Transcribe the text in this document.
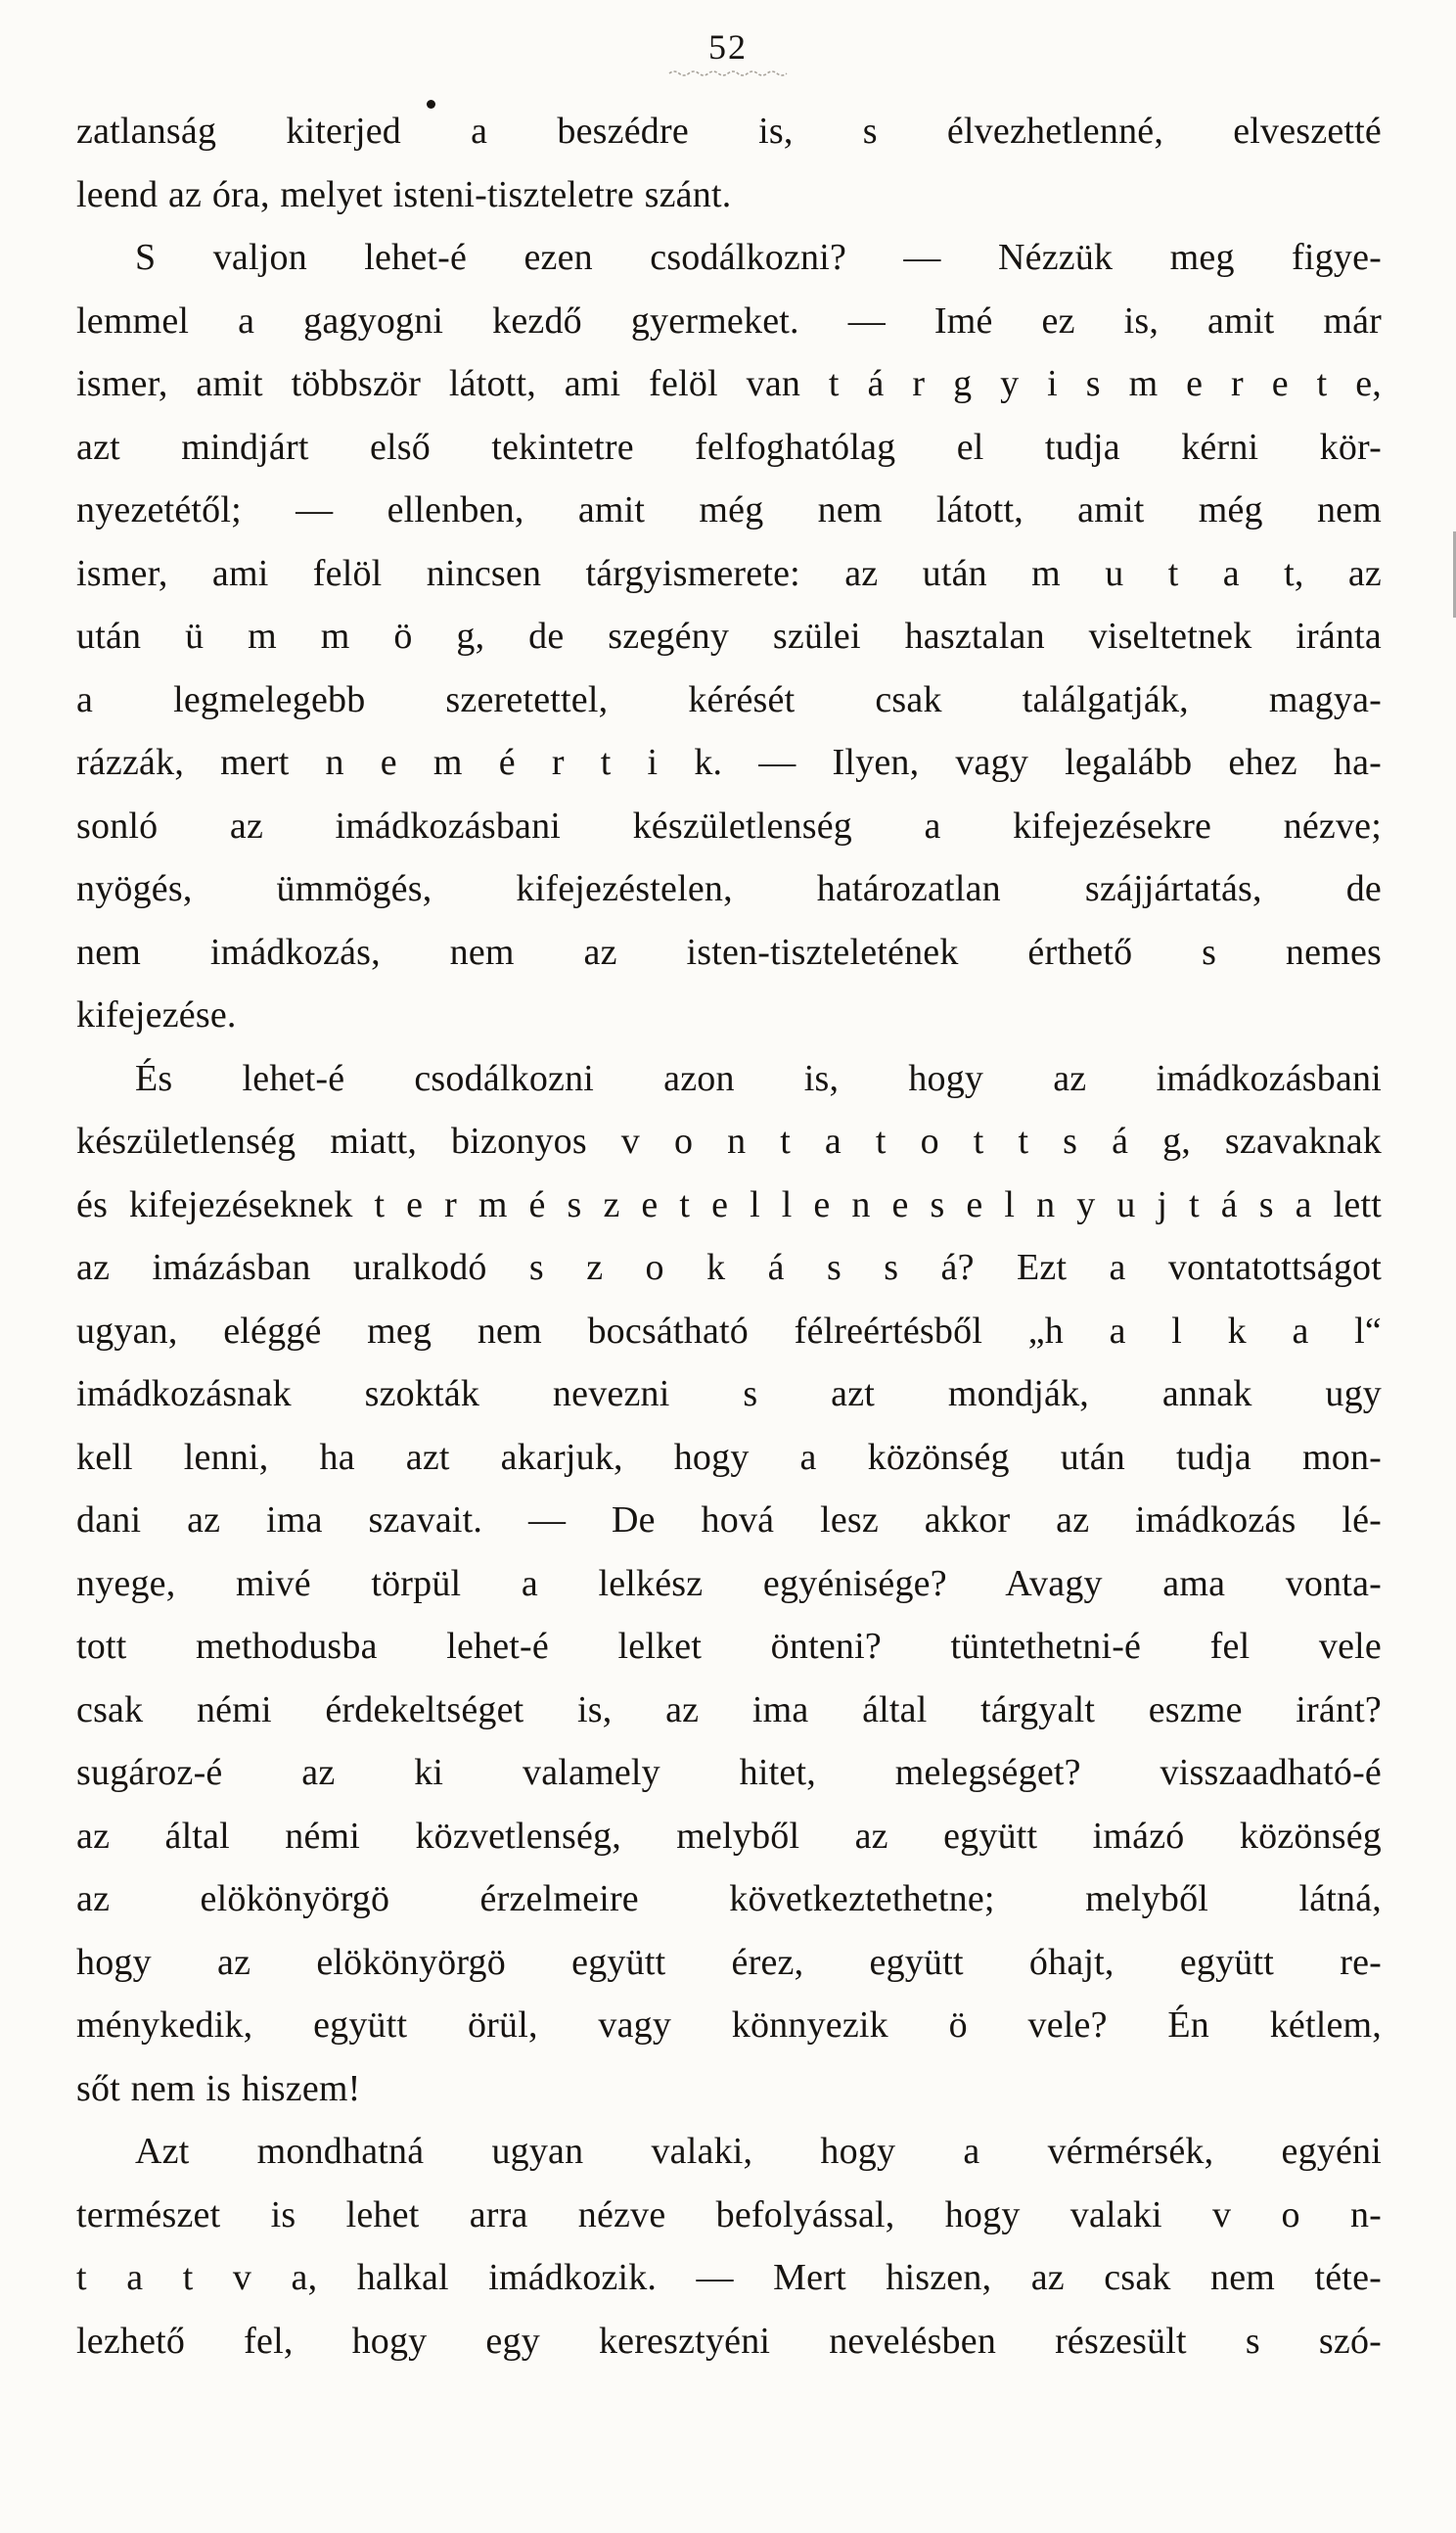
52
zatlanság kiterjed a beszédre is, s élvezhetlenné, elveszetté
leend az óra, melyet isteni-tiszteletre szánt.
S valjon lehet-é ezen csodálkozni? — Nézzük meg figye-
lemmel a gagyogni kezdő gyermeket. — Imé ez is, amit már
ismer, amit többször látott, ami felöl van t á r g y i s m e r e t e,
azt mindjárt első tekintetre felfoghatólag el tudja kérni kör-
nyezetétől; — ellenben, amit még nem látott, amit még nem
ismer, ami felöl nincsen tárgyismerete: az után m u t a t, az
után ü m m ö g, de szegény szülei hasztalan viseltetnek iránta
a legmelegebb szeretettel, kérését csak találgatják, magya-
rázzák, mert n e m é r t i k. — Ilyen, vagy legalább ehez ha-
sonló az imádkozásbani készületlenség a kifejezésekre nézve;
nyögés, ümmögés, kifejezéstelen, határozatlan szájjártatás, de
nem imádkozás, nem az isten-tiszteletének érthető s nemes
kifejezése.
És lehet-é csodálkozni azon is, hogy az imádkozásbani
készületlenség miatt, bizonyos v o n t a t o t t s á g, szavaknak
és kifejezéseknek t e r m é s z e t e l l e n e s e l n y u j t á s a lett
az imázásban uralkodó s z o k á s s á? Ezt a vontatottságot
ugyan, eléggé meg nem bocsátható félreértésből „h a l k a l“
imádkozásnak szokták nevezni s azt mondják, annak ugy
kell lenni, ha azt akarjuk, hogy a közönség után tudja mon-
dani az ima szavait. — De hová lesz akkor az imádkozás lé-
nyege, mivé törpül a lelkész egyénisége? Avagy ama vonta-
tott methodusba lehet-é lelket önteni? tüntethetni-é fel vele
csak némi érdekeltséget is, az ima által tárgyalt eszme iránt?
sugároz-é az ki valamely hitet, melegséget? visszaadható-é
az által némi közvetlenség, melyből az együtt imázó közönség
az elökönyörgö érzelmeire következtethetne; melyből látná,
hogy az elökönyörgö együtt érez, együtt óhajt, együtt re-
ménykedik, együtt örül, vagy könnyezik ö vele? Én kétlem,
sőt nem is hiszem!
Azt mondhatná ugyan valaki, hogy a vérmérsék, egyéni
természet is lehet arra nézve befolyással, hogy valaki v o n-
t a t v a, halkal imádkozik. — Mert hiszen, az csak nem téte-
lezhető fel, hogy egy keresztyéni nevelésben részesült s szó-
